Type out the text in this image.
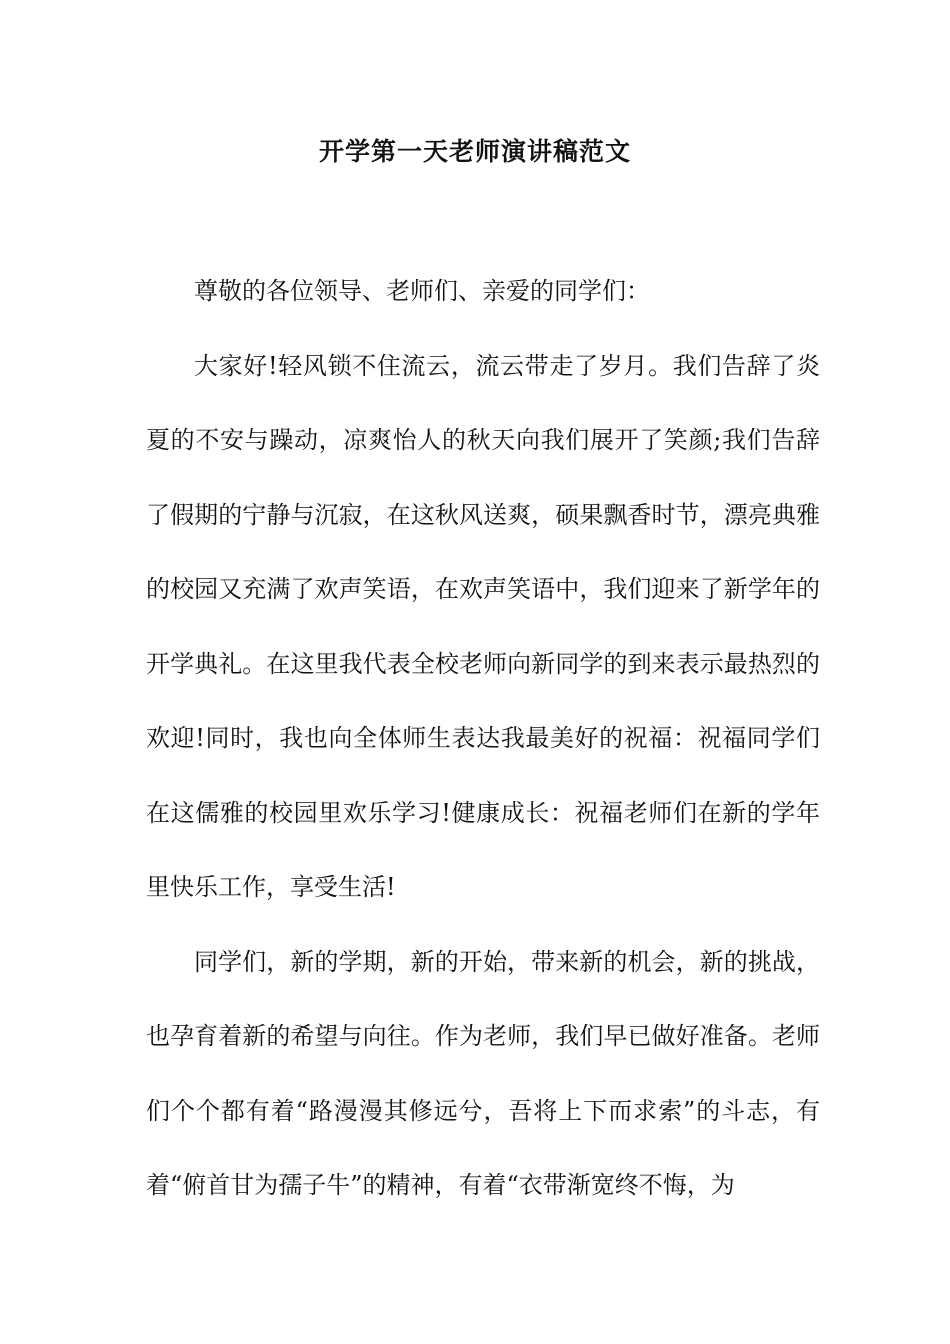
开学第一天老师演讲稿范文

尊敬的各位领导、老师们、亲爱的同学们：

大家好!轻风锁不住流云，流云带走了岁月。我们告辞了炎夏的不安与躁动，凉爽怡人的秋天向我们展开了笑颜;我们告辞了假期的宁静与沉寂，在这秋风送爽，硕果飘香时节，漂亮典雅的校园又充满了欢声笑语，在欢声笑语中，我们迎来了新学年的开学典礼。在这里我代表全校老师向新同学的到来表示最热烈的欢迎!同时，我也向全体师生表达我最美好的祝福：祝福同学们在这儒雅的校园里欢乐学习!健康成长：祝福老师们在新的学年里快乐工作，享受生活!

同学们，新的学期，新的开始，带来新的机会，新的挑战，也孕育着新的希望与向往。作为老师，我们早已做好准备。老师们个个都有着“路漫漫其修远兮，吾将上下而求索”的斗志，有着“俯首甘为孺子牛”的精神，有着“衣带渐宽终不悔，为
